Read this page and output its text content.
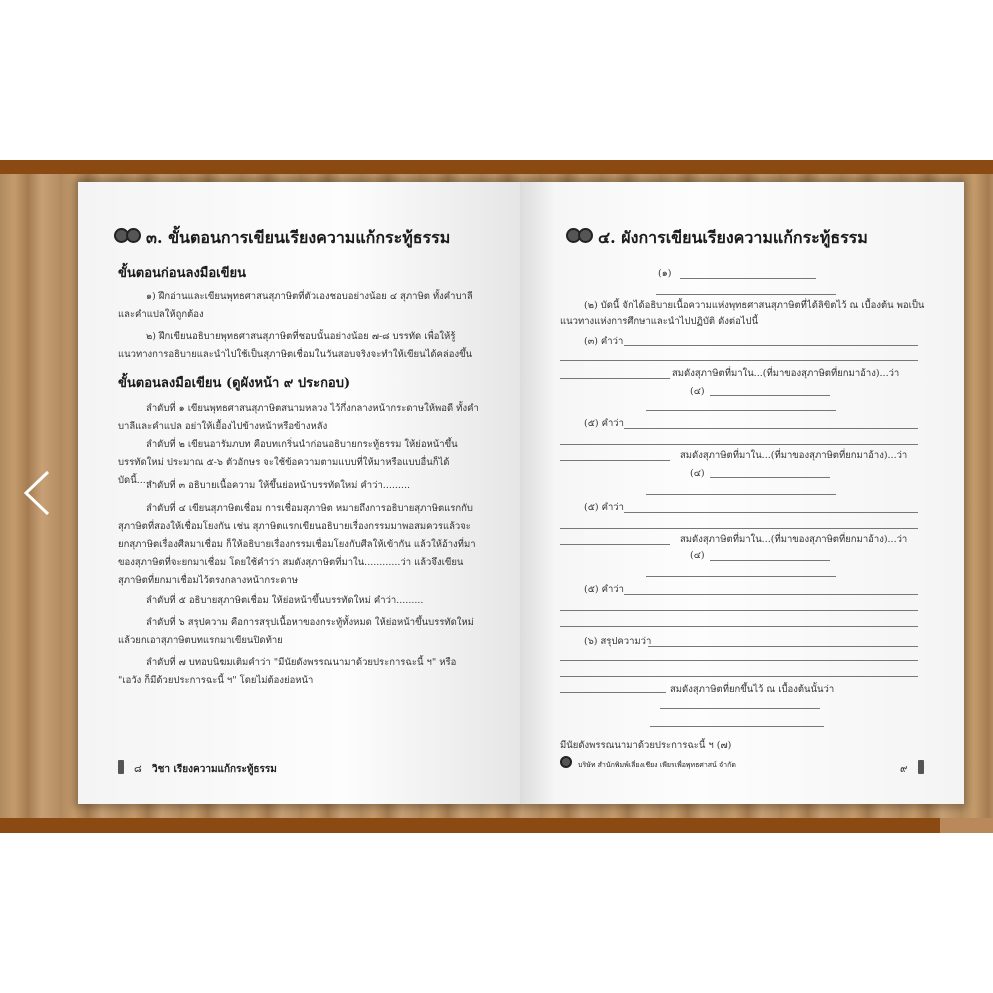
๓. ขั้นตอนการเขียนเรียงความแก้กระทู้ธรรม
ขั้นตอนก่อนลงมือเขียน
๑) ฝึกอ่านและเขียนพุทธศาสนสุภาษิตที่ตัวเองชอบอย่างน้อย ๔ สุภาษิต ทั้งคำบาลีและคำแปลให้ถูกต้อง
๒) ฝึกเขียนอธิบายพุทธศาสนสุภาษิตที่ชอบนั้นอย่างน้อย ๗-๘ บรรทัด เพื่อให้รู้แนวทางการอธิบายและนำไปใช้เป็นสุภาษิตเชื่อมในวันสอบจริงจะทำให้เขียนได้คล่องขึ้น
ขั้นตอนลงมือเขียน (ดูผังหน้า ๙ ประกอบ)
ลำดับที่ ๑ เขียนพุทธศาสนสุภาษิตสนามหลวง ไว้กึ่งกลางหน้ากระดาษให้พอดี ทั้งคำบาลีและคำแปล อย่าให้เยื้องไปข้างหน้าหรือข้างหลัง
ลำดับที่ ๒ เขียนอารัมภบท คือบทเกริ่นนำก่อนอธิบายกระทู้ธรรม ให้ย่อหน้าขึ้นบรรทัดใหม่ ประมาณ ๕-๖ ตัวอักษร จะใช้ข้อความตามแบบที่ให้มาหรือแบบอื่นก็ได้ บัดนี้......
ลำดับที่ ๓ อธิบายเนื้อความ ให้ขึ้นย่อหน้าบรรทัดใหม่ คำว่า.........
ลำดับที่ ๔ เขียนสุภาษิตเชื่อม การเชื่อมสุภาษิต หมายถึงการอธิบายสุภาษิตแรกกับสุภาษิตที่สองให้เชื่อมโยงกัน เช่น สุภาษิตแรกเขียนอธิบายเรื่องกรรมมาพอสมควรแล้วจะยกสุภาษิตเรื่องศีลมาเชื่อม ก็ให้อธิบายเรื่องกรรมเชื่อมโยงกับศีลให้เข้ากัน แล้วให้อ้างที่มาของสุภาษิตที่จะยกมาเชื่อม โดยใช้คำว่า สมดังสุภาษิตที่มาใน............ว่า แล้วจึงเขียนสุภาษิตที่ยกมาเชื่อมไว้ตรงกลางหน้ากระดาษ
ลำดับที่ ๕ อธิบายสุภาษิตเชื่อม ให้ย่อหน้าขึ้นบรรทัดใหม่ คำว่า.........
ลำดับที่ ๖ สรุปความ คือการสรุปเนื้อหาของกระทู้ทั้งหมด ให้ย่อหน้าขึ้นบรรทัดใหม่แล้วยกเอาสุภาษิตบทแรกมาเขียนปิดท้าย
ลำดับที่ ๗ บทอบนิฆมเติมคำว่า "มีนัยดังพรรณนามาด้วยประการฉะนี้ ฯ" หรือ "เอวัง ก็มีด้วยประการฉะนี้ ฯ" โดยไม่ต้องย่อหน้า
๘ วิชา เรียงความแก้กระทู้ธรรม
๔. ผังการเขียนเรียงความแก้กระทู้ธรรม
(๑)
(๒) บัดนี้ จักได้อธิบายเนื้อความแห่งพุทธศาสนสุภาษิตที่ได้ลิขิตไว้ ณ เบื้องต้น พอเป็นแนวทางแห่งการศึกษาและนำไปปฏิบัติ ดังต่อไปนี้
(๓) คำว่า
สมดังสุภาษิตที่มาใน...(ที่มาของสุภาษิตที่ยกมาอ้าง)...ว่า
(๔)
(๕) คำว่า
สมดังสุภาษิตที่มาใน...(ที่มาของสุภาษิตที่ยกมาอ้าง)...ว่า
(๔)
(๕) คำว่า
สมดังสุภาษิตที่มาใน...(ที่มาของสุภาษิตที่ยกมาอ้าง)...ว่า
(๔)
(๕) คำว่า
(๖) สรุปความว่า
สมดังสุภาษิตที่ยกขึ้นไว้ ณ เบื้องต้นนั้นว่า
มีนัยดังพรรณนามาด้วยประการฉะนี้ ฯ (๗)
บริษัท สำนักพิมพ์เลี่ยงเชียง เพียรเพื่อพุทธศาสน์ จำกัด	๙
